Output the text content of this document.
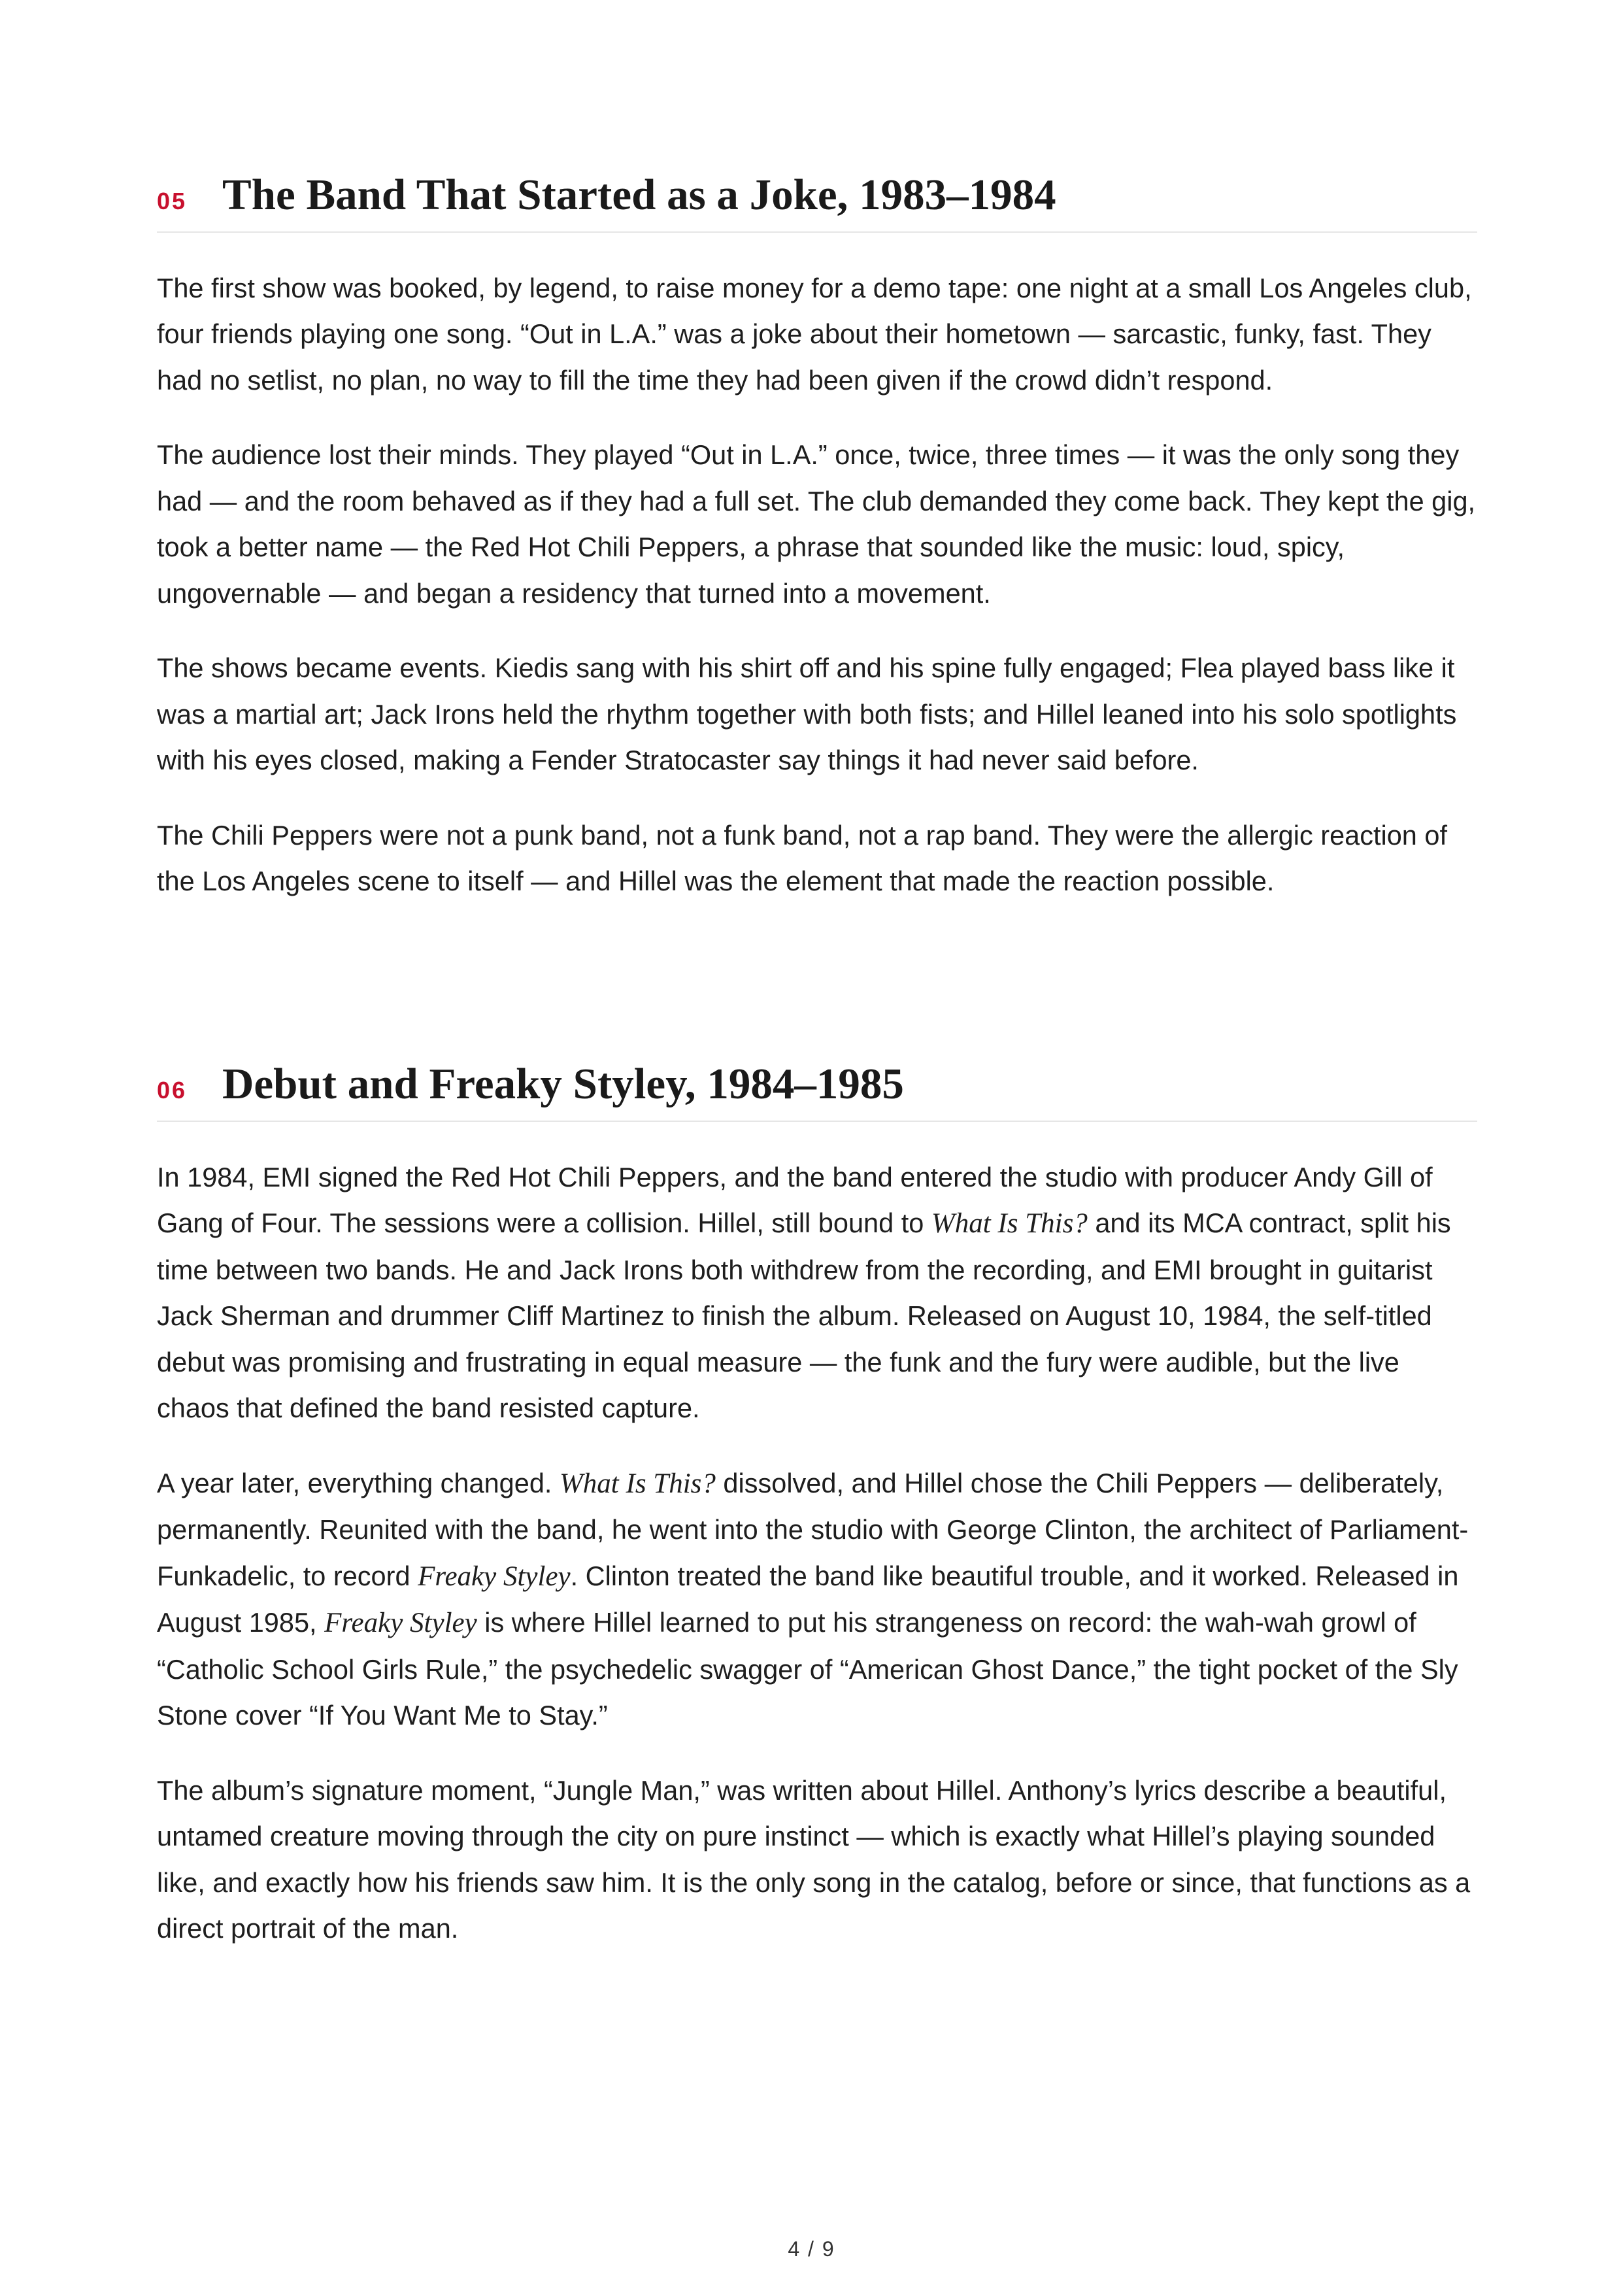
05 The Band That Started as a Joke, 1983–1984

The first show was booked, by legend, to raise money for a demo tape: one night at a small Los Angeles club, four friends playing one song. “Out in L.A.” was a joke about their hometown — sarcastic, funky, fast. They had no setlist, no plan, no way to fill the time they had been given if the crowd didn’t respond.

The audience lost their minds. They played “Out in L.A.” once, twice, three times — it was the only song they had — and the room behaved as if they had a full set. The club demanded they come back. They kept the gig, took a better name — the Red Hot Chili Peppers, a phrase that sounded like the music: loud, spicy, ungovernable — and began a residency that turned into a movement.

The shows became events. Kiedis sang with his shirt off and his spine fully engaged; Flea played bass like it was a martial art; Jack Irons held the rhythm together with both fists; and Hillel leaned into his solo spotlights with his eyes closed, making a Fender Stratocaster say things it had never said before.

The Chili Peppers were not a punk band, not a funk band, not a rap band. They were the allergic reaction of the Los Angeles scene to itself — and Hillel was the element that made the reaction possible.

06 Debut and Freaky Styley, 1984–1985

In 1984, EMI signed the Red Hot Chili Peppers, and the band entered the studio with producer Andy Gill of Gang of Four. The sessions were a collision. Hillel, still bound to What Is This? and its MCA contract, split his time between two bands. He and Jack Irons both withdrew from the recording, and EMI brought in guitarist Jack Sherman and drummer Cliff Martinez to finish the album. Released on August 10, 1984, the self-titled debut was promising and frustrating in equal measure — the funk and the fury were audible, but the live chaos that defined the band resisted capture.

A year later, everything changed. What Is This? dissolved, and Hillel chose the Chili Peppers — deliberately, permanently. Reunited with the band, he went into the studio with George Clinton, the architect of Parliament-Funkadelic, to record Freaky Styley. Clinton treated the band like beautiful trouble, and it worked. Released in August 1985, Freaky Styley is where Hillel learned to put his strangeness on record: the wah-wah growl of “Catholic School Girls Rule,” the psychedelic swagger of “American Ghost Dance,” the tight pocket of the Sly Stone cover “If You Want Me to Stay.”

The album’s signature moment, “Jungle Man,” was written about Hillel. Anthony’s lyrics describe a beautiful, untamed creature moving through the city on pure instinct — which is exactly what Hillel’s playing sounded like, and exactly how his friends saw him. It is the only song in the catalog, before or since, that functions as a direct portrait of the man.

4 / 9
